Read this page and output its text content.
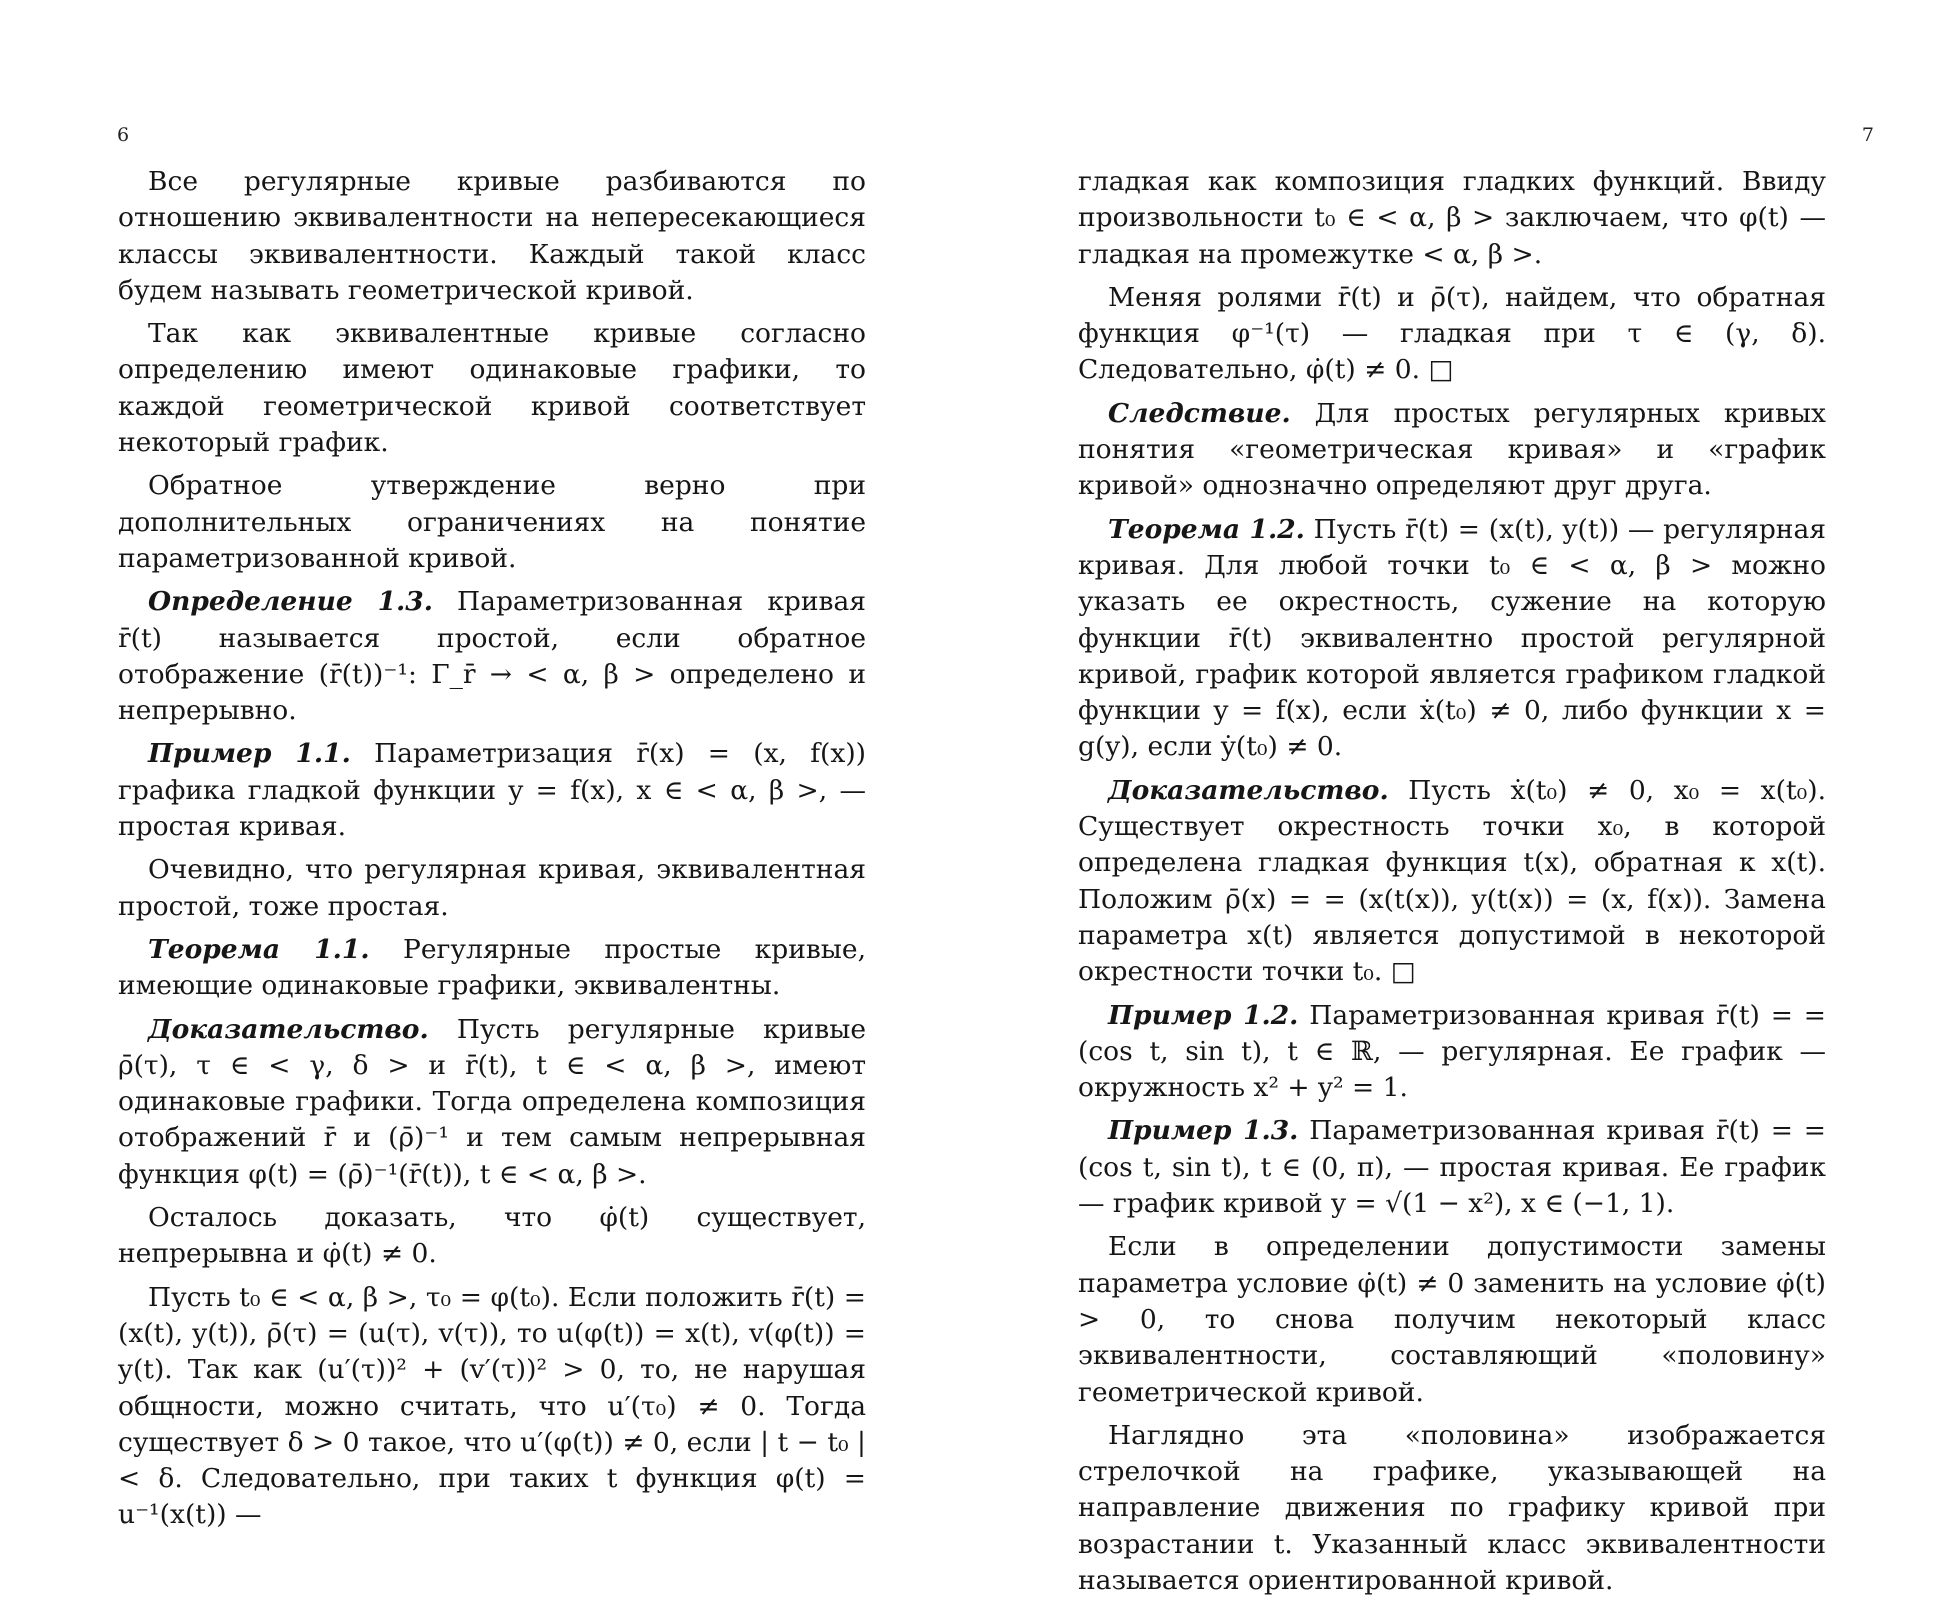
6

Все регулярные кривые разбиваются по отношению эквивалентности на непересекающиеся классы эквивалентности. Каждый такой класс будем называть геометрической кривой.

Так как эквивалентные кривые согласно определению имеют одинаковые графики, то каждой геометрической кривой соответствует некоторый график.

Обратное утверждение верно при дополнительных ограничениях на понятие параметризованной кривой.

Определение 1.3. Параметризованная кривая r̄(t) называется простой, если обратное отображение (r̄(t))⁻¹: Γ_r̄ → < α, β > определено и непрерывно.

Пример 1.1. Параметризация r̄(x) = (x, f(x)) графика гладкой функции y = f(x), x ∈ < α, β >, — простая кривая.

Очевидно, что регулярная кривая, эквивалентная простой, тоже простая.

Теорема 1.1. Регулярные простые кривые, имеющие одинаковые графики, эквивалентны.

Доказательство. Пусть регулярные кривые ρ̄(τ), τ ∈ < γ, δ > и r̄(t), t ∈ < α, β >, имеют одинаковые графики. Тогда определена композиция отображений r̄ и (ρ̄)⁻¹ и тем самым непрерывная функция φ(t) = (ρ̄)⁻¹(r̄(t)), t ∈ < α, β >.

Осталось доказать, что φ̇(t) существует, непрерывна и φ̇(t) ≠ 0.

Пусть t₀ ∈ < α, β >, τ₀ = φ(t₀). Если положить r̄(t) = (x(t), y(t)), ρ̄(τ) = (u(τ), v(τ)), то u(φ(t)) = x(t), v(φ(t)) = y(t). Так как (u′(τ))² + (v′(τ))² > 0, то, не нарушая общности, можно считать, что u′(τ₀) ≠ 0. Тогда существует δ > 0 такое, что u′(φ(t)) ≠ 0, если | t − t₀ |< δ. Следовательно, при таких t функция φ(t) = u⁻¹(x(t)) —

7

гладкая как композиция гладких функций. Ввиду произвольности t₀ ∈ < α, β > заключаем, что φ(t) — гладкая на промежутке < α, β >.

Меняя ролями r̄(t) и ρ̄(τ), найдем, что обратная функция φ⁻¹(τ) — гладкая при τ ∈ (γ, δ). Следовательно, φ̇(t) ≠ 0. □

Следствие. Для простых регулярных кривых понятия «геометрическая кривая» и «график кривой» однозначно определяют друг друга.

Теорема 1.2. Пусть r̄(t) = (x(t), y(t)) — регулярная кривая. Для любой точки t₀ ∈ < α, β > можно указать ее окрестность, сужение на которую функции r̄(t) эквивалентно простой регулярной кривой, график которой является графиком гладкой функции y = f(x), если ẋ(t₀) ≠ 0, либо функции x = g(y), если ẏ(t₀) ≠ 0.

Доказательство. Пусть ẋ(t₀) ≠ 0, x₀ = x(t₀). Существует окрестность точки x₀, в которой определена гладкая функция t(x), обратная к x(t). Положим ρ̄(x) = = (x(t(x)), y(t(x)) = (x, f(x)). Замена параметра x(t) является допустимой в некоторой окрестности точки t₀. □

Пример 1.2. Параметризованная кривая r̄(t) = = (cos t, sin t), t ∈ ℝ, — регулярная. Ее график — окружность x² + y² = 1.

Пример 1.3. Параметризованная кривая r̄(t) = = (cos t, sin t), t ∈ (0, π), — простая кривая. Ее график — график кривой y = √(1 − x²), x ∈ (−1, 1).

Если в определении допустимости замены параметра условие φ̇(t) ≠ 0 заменить на условие φ̇(t) > 0, то снова получим некоторый класс эквивалентности, составляющий «половину» геометрической кривой.

Наглядно эта «половина» изображается стрелочкой на графике, указывающей на направление движения по графику кривой при возрастании t. Указанный класс эквивалентности называется ориентированной кривой.
